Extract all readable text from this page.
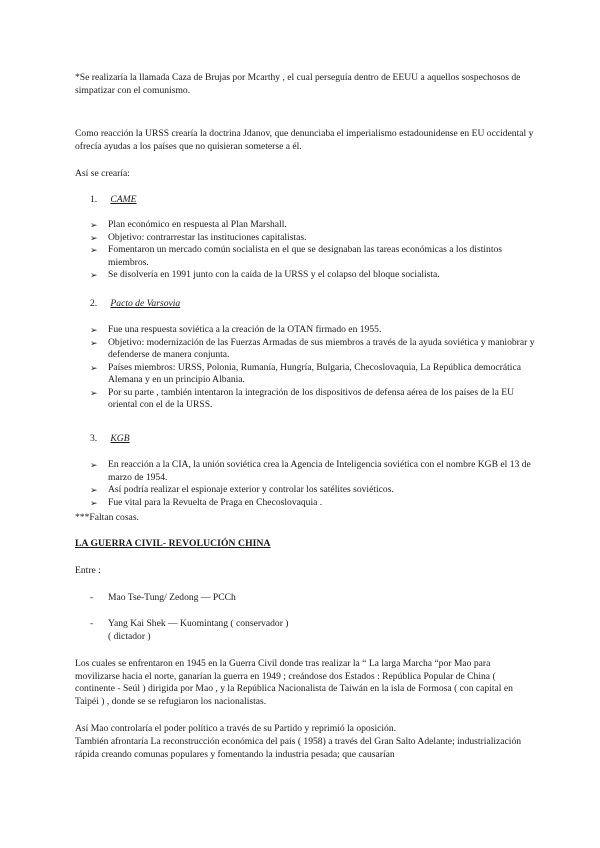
*Se realizaría la llamada Caza de Brujas por Mcarthy , el cual perseguía dentro de EEUU a aquellos sospechosos de simpatizar con el comunismo.
Como reacción la URSS crearía la doctrina Jdanov, que denunciaba el imperialismo estadounidense en EU occidental y ofrecía ayudas a los países que no quisieran someterse a él.
Así se crearía:
1. CAME
➢ Plan económico en respuesta al Plan Marshall.
➢ Objetivo: contrarrestar las instituciones capitalistas.
➢ Fomentaron un mercado común socialista en el que se designaban las tareas económicas a los distintos miembros.
➢ Se disolvería en 1991 junto con la caída de la URSS y el colapso del bloque socialista.
2. Pacto de Varsovia
➢ Fue una respuesta soviética a la creación de la OTAN firmado en 1955.
➢ Objetivo: modernización de las Fuerzas Armadas de sus miembros a través de la ayuda soviética y maniobrar y defenderse de manera conjunta.
➢ Países miembros: URSS, Polonia, Rumanía, Hungría, Bulgaria, Checoslovaquia, La República democrática Alemana y en un principio Albania.
➢ Por su parte , también intentaron la integración de los dispositivos de defensa aérea de los países de la EU oriental con el de la URSS.
3. KGB
➢ En reacción a la CIA, la unión soviética crea la Agencia de Inteligencia soviética con el nombre KGB el 13 de marzo de 1954.
➢ Así podría realizar el espionaje exterior y controlar los satélites soviéticos.
➢ Fue vital para la Revuelta de Praga en Checoslovaquia .
***Faltan cosas.
LA GUERRA CIVIL- REVOLUCIÓN CHINA
Entre :
- Mao Tse-Tung/ Zedong — PCCh
- Yang Kai Shek — Kuomintang ( conservador )
( dictador )
Los cuales se enfrentaron en 1945 en la Guerra Civil donde tras realizar la “ La larga Marcha “por Mao para movilizarse hacia el norte, ganarían la guerra en 1949 ; creándose dos Estados : República Popular de China ( continente - Seúl ) dirigida por Mao , y la República Nacionalista de Taiwán en la isla de Formosa ( con capital en Taipéi ) , donde se se refugiaron los nacionalistas.
Así Mao controlaría el poder político a través de su Partido y reprimió la oposición.
También afrontaría La reconstrucción económica del país ( 1958) a través del Gran Salto Adelante; industrialización rápida creando comunas populares y fomentando la industria pesada; que causarían
